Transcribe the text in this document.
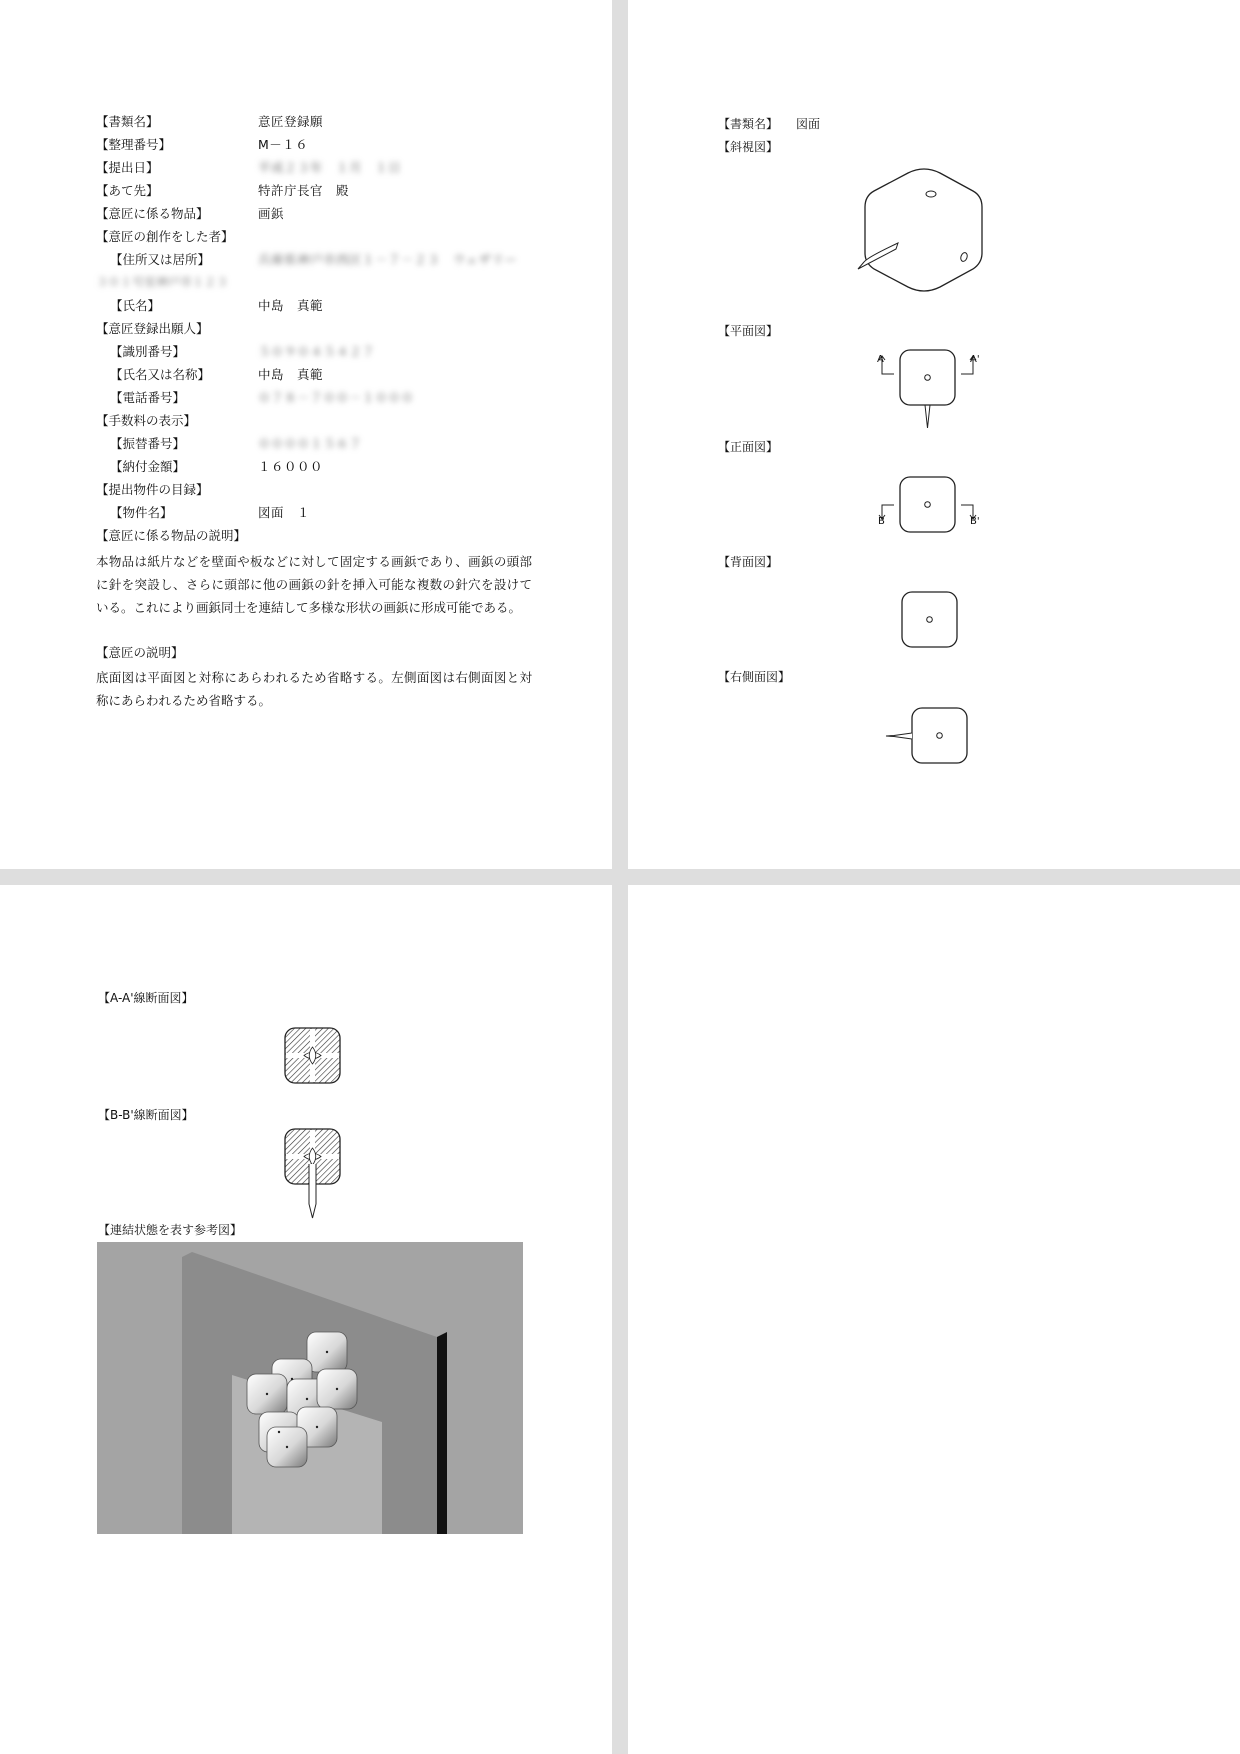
【書類名】	意匠登録願
【整理番号】	M－１６
【提出日】	平成２３年　１月　１日
【あて先】	特許庁長官　殿
【意匠に係る物品】	画鋲
【意匠の創作をした者】
【住所又は居所】	兵庫県神戸市西区１－７－２３　ウェザリー
３０１号室神戸市１２３
【氏名】	中島　真範
【意匠登録出願人】
【識別番号】	５０９０４５４２７
【氏名又は名称】	中島　真範
【電話番号】	０７８－７００－１０００
【手数料の表示】
【振替番号】	００００１５６７
【納付金額】	１６０００
【提出物件の目録】
【物件名】	図面　１
【意匠に係る物品の説明】
本物品は紙片などを壁面や板などに対して固定する画鋲であり、画鋲の頭部に針を突設し、さらに頭部に他の画鋲の針を挿入可能な複数の針穴を設けている。これにより画鋲同士を連結して多様な形状の画鋲に形成可能である。
【意匠の説明】
底面図は平面図と対称にあらわれるため省略する。左側面図は右側面図と対称にあらわれるため省略する。
【書類名】 図面
【斜視図】
【平面図】
A	A'
【正面図】
B	B'
【背面図】
【右側面図】
【A-A'線断面図】
【B-B'線断面図】
【連結状態を表す参考図】
